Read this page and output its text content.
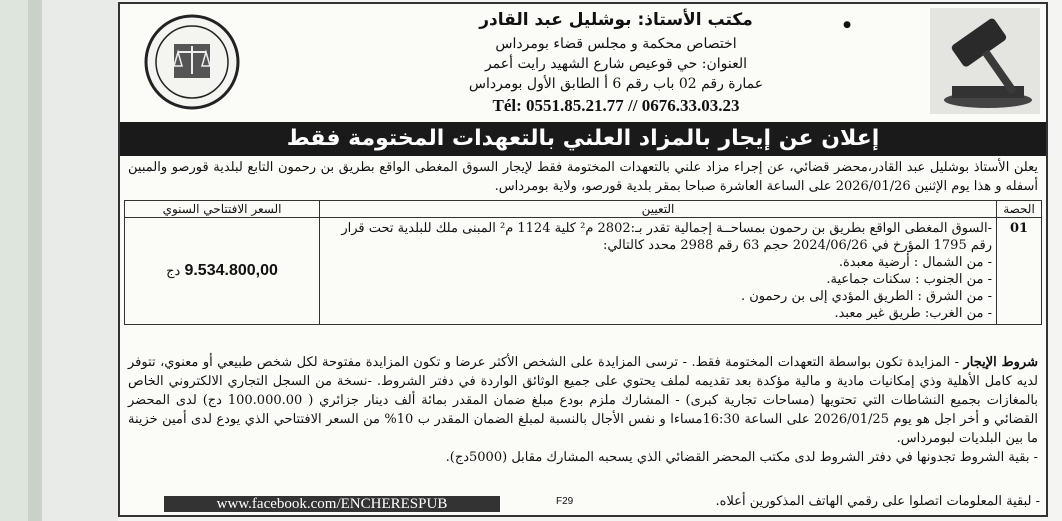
●
مكتب الأستاذ: بوشليل عبد القادر
اختصاص محكمة و مجلس قضاء بومرداس
العنوان: حي قوعيص شارع الشهيد رايت أعمر
عمارة رقم 02 باب رقم 6 أ الطابق الأول بومرداس
Tél: 0551.85.21.77 // 0676.33.03.23
إعلان عن إيجار بالمزاد العلني بالتعهدات المختومة فقط
يعلن الأستاذ بوشليل عبد القادر،محضر قضائي، عن إجراء مزاد علني بالتعهدات المختومة فقط لإيجار السوق المغطى الواقع بطريق بن رحمون التابع لبلدية قورصو والمبين أسفله و هذا يوم الإثنين 2026/01/26 على الساعة العاشرة صباحا بمقر بلدية قورصو، ولاية بومرداس.
الحصة	التعيين	السعر الافتتاحي السنوي
01	-السوق المغطى الواقع بطريق بن رحمون بمساحــة إجمالية تقدر بـ:2802 م² كلية 1124 م² المبنى ملك للبلدية تحت قرار رقم 1795 المؤرخ في 2024/06/26 حجم 63 رقم 2988 محدد كالتالي:
- من الشمال : أرضية معبدة.
- من الجنوب : سكنات جماعية.
- من الشرق : الطريق المؤدي إلى بن رحمون .
- من الغرب: طريق غير معبد.	9.534.800,00 دج
شروط الإيجار - المزايدة تكون بواسطة التعهدات المختومة فقط. - ترسى المزايدة على الشخص الأكثر عرضا و تكون المزايدة مفتوحة لكل شخص طبيعي أو معنوي، تتوفر لديه كامل الأهلية وذي إمكانيات مادية و مالية مؤكدة بعد تقديمه لملف يحتوي على جميع الوثائق الواردة في دفتر الشروط. -نسخة من السجل التجاري الالكتروني الخاص بالمغازات بجميع النشاطات التي تحتويها (مساحات تجارية كبرى) - المشارك ملزم بودع مبلغ ضمان المقدر بمائة ألف دينار جزائري ( 100.000.00 دج) لدى المحضر القضائي و أخر اجل هو يوم 2026/01/25 على الساعة 16:30مساءا و نفس الأجال بالنسبة لمبلغ الضمان المقدر ب 10% من السعر الافتتاحي الذي يودع لدى أمين خزينة ما بين البلديات لبومرداس.
- بقية الشروط تجدونها في دفتر الشروط لدى مكتب المحضر القضائي الذي يسحبه المشارك مقابل (5000دج).
www.facebook.com/ENCHERESPUB	F29	- لبقية المعلومات اتصلوا على رقمي الهاتف المذكورين أعلاه.
